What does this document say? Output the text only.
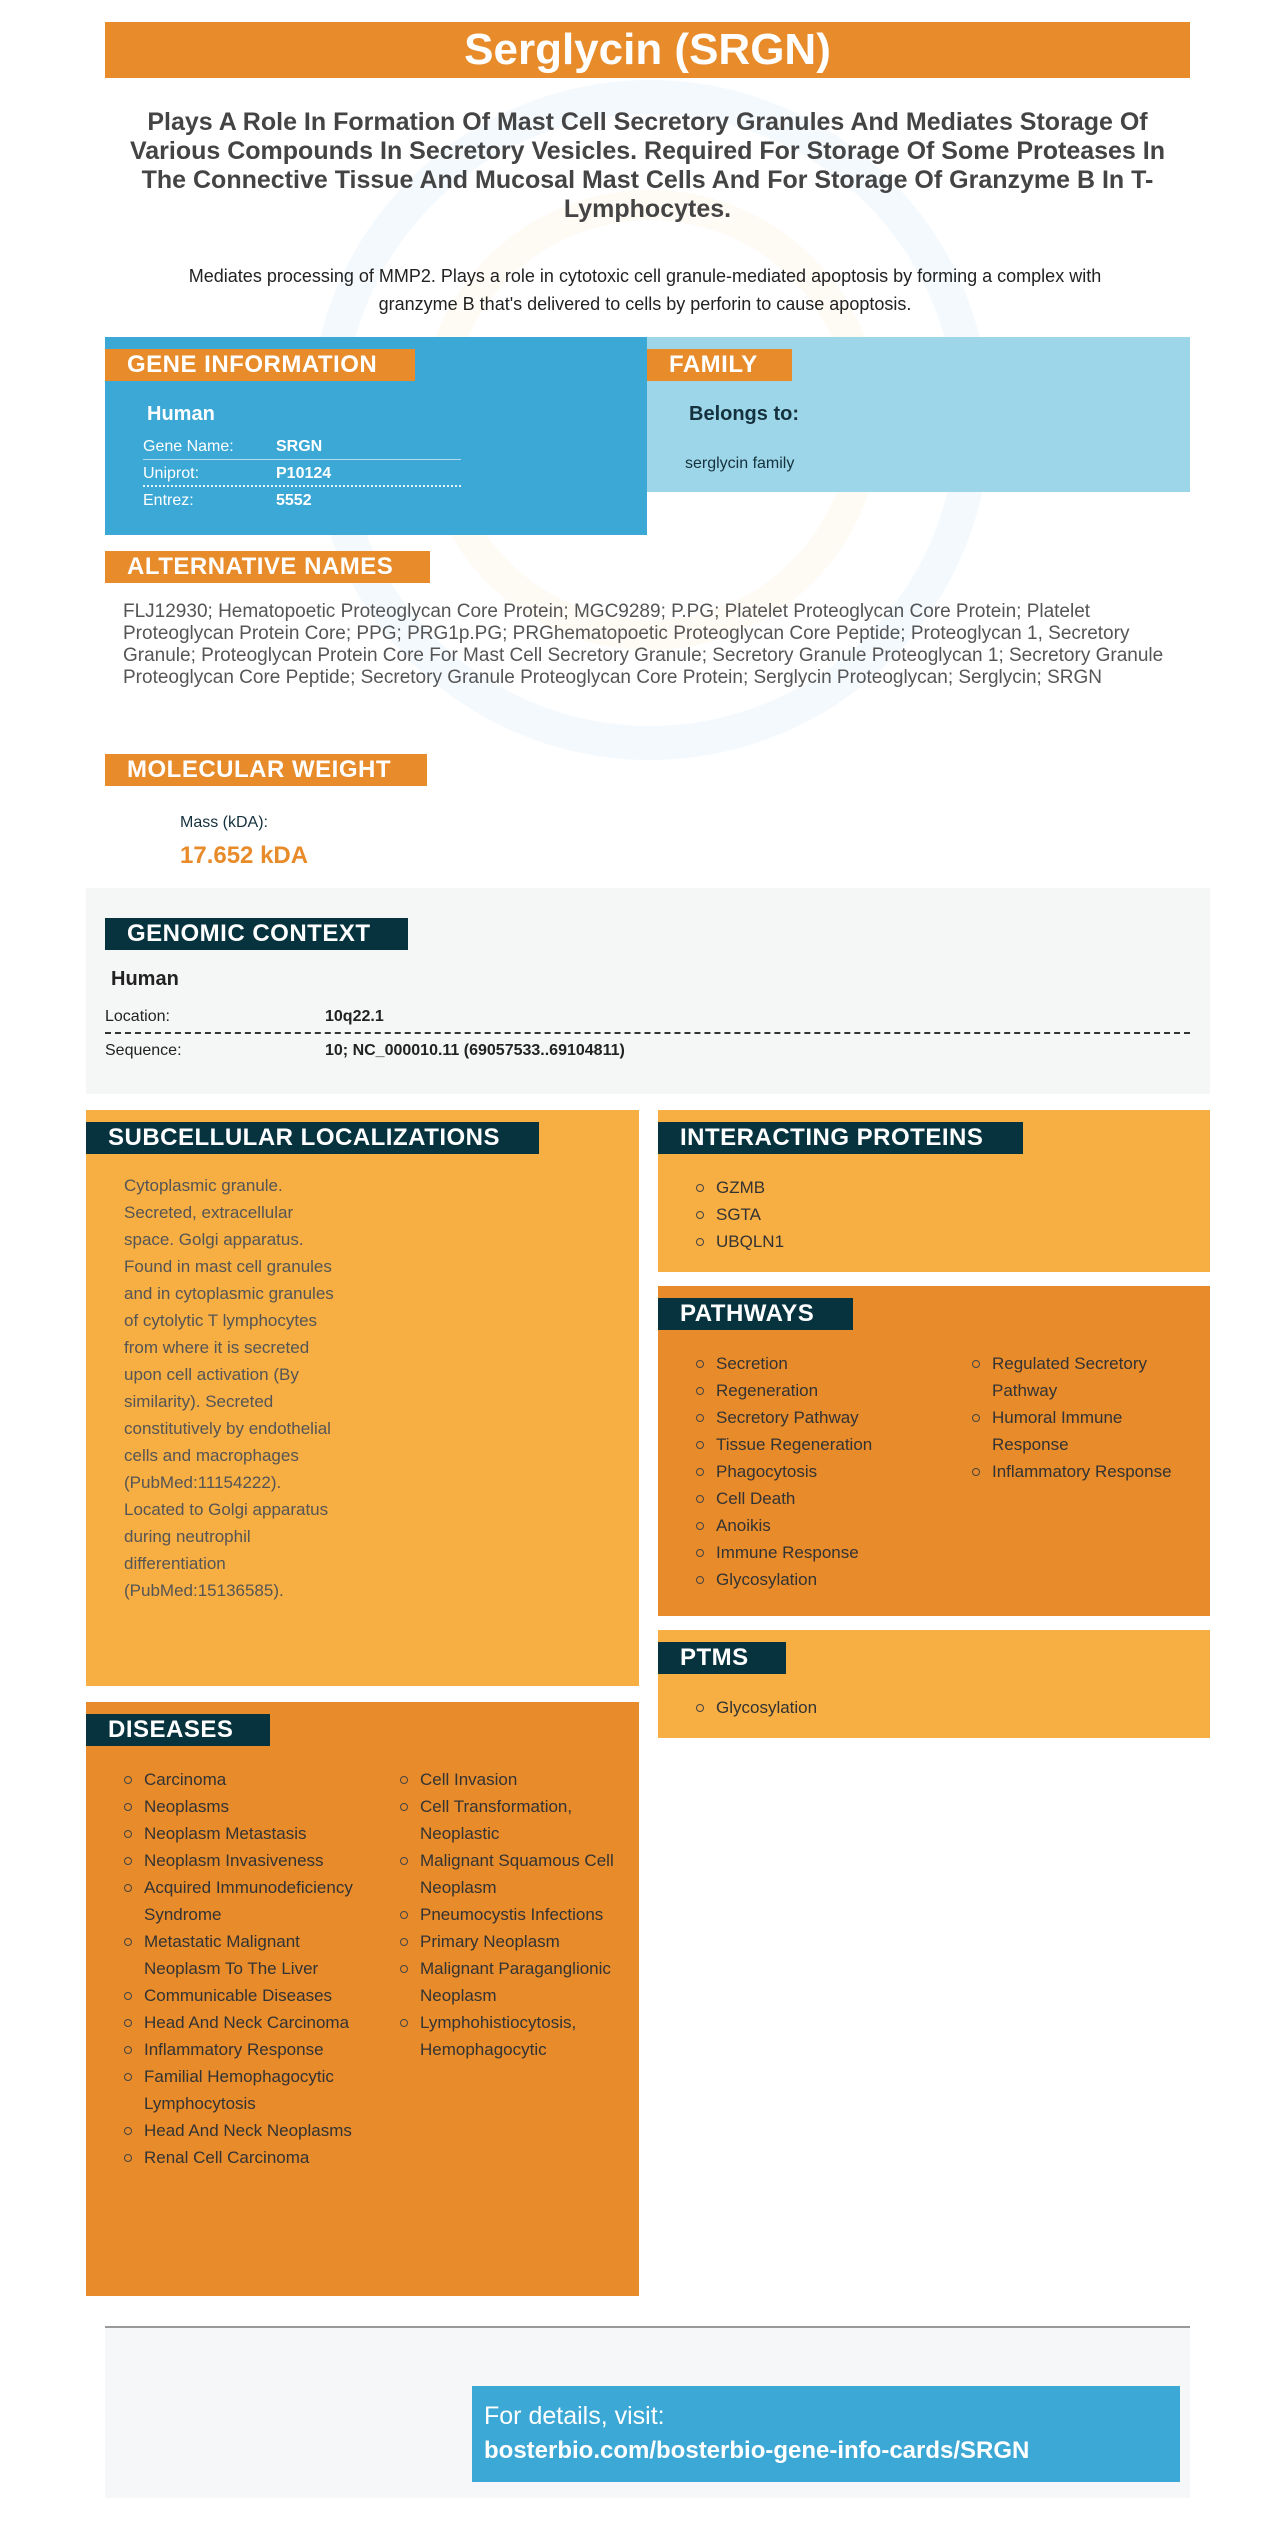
Serglycin (SRGN)
Plays A Role In Formation Of Mast Cell Secretory Granules And Mediates Storage Of Various Compounds In Secretory Vesicles. Required For Storage Of Some Proteases In The Connective Tissue And Mucosal Mast Cells And For Storage Of Granzyme B In T-Lymphocytes.
Mediates processing of MMP2. Plays a role in cytotoxic cell granule-mediated apoptosis by forming a complex with granzyme B that's delivered to cells by perforin to cause apoptosis.
GENE INFORMATION
Human
Gene Name:	SRGN
Uniprot:	P10124
Entrez:	5552
FAMILY
Belongs to:
serglycin family
ALTERNATIVE NAMES
FLJ12930; Hematopoetic Proteoglycan Core Protein; MGC9289; P.PG; Platelet Proteoglycan Core Protein; Platelet Proteoglycan Protein Core; PPG; PRG1p.PG; PRGhematopoetic Proteoglycan Core Peptide; Proteoglycan 1, Secretory Granule; Proteoglycan Protein Core For Mast Cell Secretory Granule; Secretory Granule Proteoglycan 1; Secretory Granule Proteoglycan Core Peptide; Secretory Granule Proteoglycan Core Protein; Serglycin Proteoglycan; Serglycin; SRGN
MOLECULAR WEIGHT
Mass (kDA):
17.652 kDA
GENOMIC CONTEXT
Human
Location:	10q22.1
Sequence:	10; NC_000010.11 (69057533..69104811)
SUBCELLULAR LOCALIZATIONS
Cytoplasmic granule. Secreted, extracellular space. Golgi apparatus. Found in mast cell granules and in cytoplasmic granules of cytolytic T lymphocytes from where it is secreted upon cell activation (By similarity). Secreted constitutively by endothelial cells and macrophages (PubMed:11154222). Located to Golgi apparatus during neutrophil differentiation (PubMed:15136585).
INTERACTING PROTEINS
GZMB
SGTA
UBQLN1
PATHWAYS
Secretion
Regeneration
Secretory Pathway
Tissue Regeneration
Phagocytosis
Cell Death
Anoikis
Immune Response
Glycosylation
Regulated Secretory Pathway
Humoral Immune Response
Inflammatory Response
PTMS
Glycosylation
DISEASES
Carcinoma
Neoplasms
Neoplasm Metastasis
Neoplasm Invasiveness
Acquired Immunodeficiency Syndrome
Metastatic Malignant Neoplasm To The Liver
Communicable Diseases
Head And Neck Carcinoma
Inflammatory Response
Familial Hemophagocytic Lymphocytosis
Head And Neck Neoplasms
Renal Cell Carcinoma
Cell Invasion
Cell Transformation, Neoplastic
Malignant Squamous Cell Neoplasm
Pneumocystis Infections
Primary Neoplasm
Malignant Paraganglionic Neoplasm
Lymphohistiocytosis, Hemophagocytic
For details, visit:
bosterbio.com/bosterbio-gene-info-cards/SRGN
